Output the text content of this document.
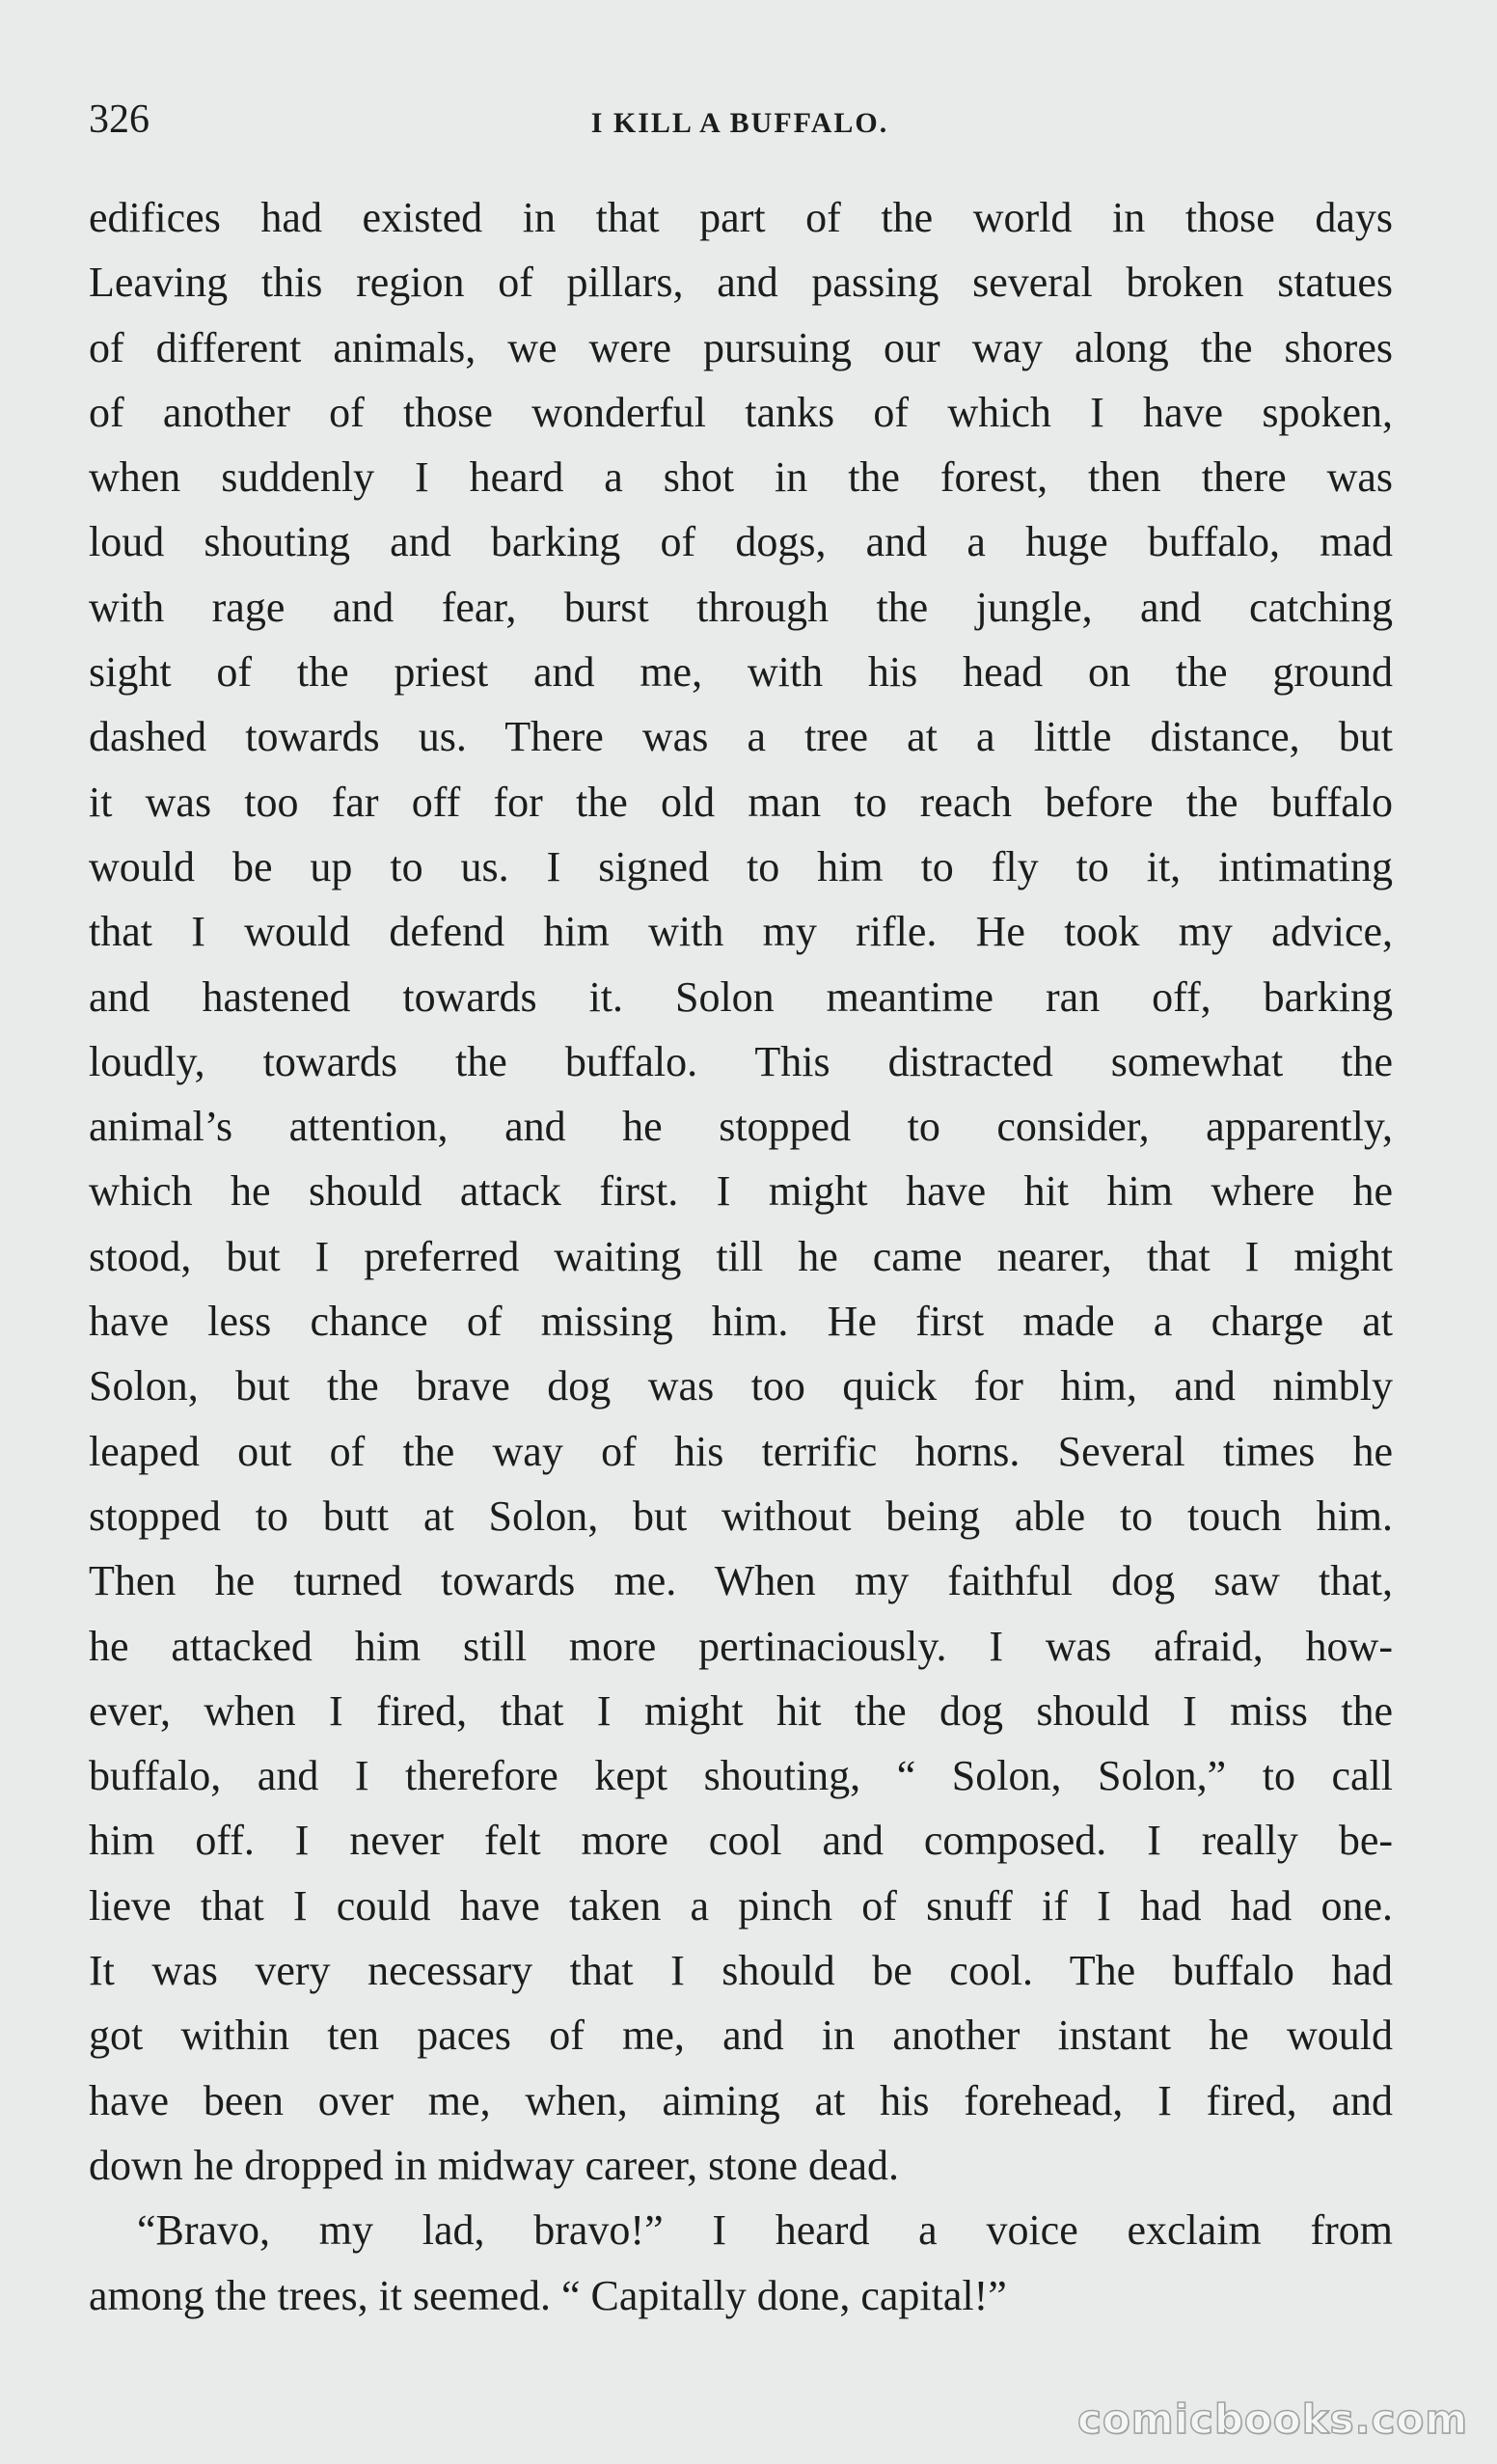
326	I KILL A BUFFALO.
edifices had existed in that part of the world in those days
Leaving this region of pillars, and passing several broken statues
of different animals, we were pursuing our way along the shores
of another of those wonderful tanks of which I have spoken,
when suddenly I heard a shot in the forest, then there was
loud shouting and barking of dogs, and a huge buffalo, mad
with rage and fear, burst through the jungle, and catching
sight of the priest and me, with his head on the ground
dashed towards us. There was a tree at a little distance, but
it was too far off for the old man to reach before the buffalo
would be up to us. I signed to him to fly to it, intimating
that I would defend him with my rifle. He took my advice,
and hastened towards it. Solon meantime ran off, barking
loudly, towards the buffalo. This distracted somewhat the
animal’s attention, and he stopped to consider, apparently,
which he should attack first. I might have hit him where he
stood, but I preferred waiting till he came nearer, that I might
have less chance of missing him. He first made a charge at
Solon, but the brave dog was too quick for him, and nimbly
leaped out of the way of his terrific horns. Several times he
stopped to butt at Solon, but without being able to touch him.
Then he turned towards me. When my faithful dog saw that,
he attacked him still more pertinaciously. I was afraid, how-
ever, when I fired, that I might hit the dog should I miss the
buffalo, and I therefore kept shouting, “ Solon, Solon,” to call
him off. I never felt more cool and composed. I really be-
lieve that I could have taken a pinch of snuff if I had had one.
It was very necessary that I should be cool. The buffalo had
got within ten paces of me, and in another instant he would
have been over me, when, aiming at his forehead, I fired, and
down he dropped in midway career, stone dead.
“Bravo, my lad, bravo!” I heard a voice exclaim from
among the trees, it seemed. “ Capitally done, capital!”
comicbooks.com
